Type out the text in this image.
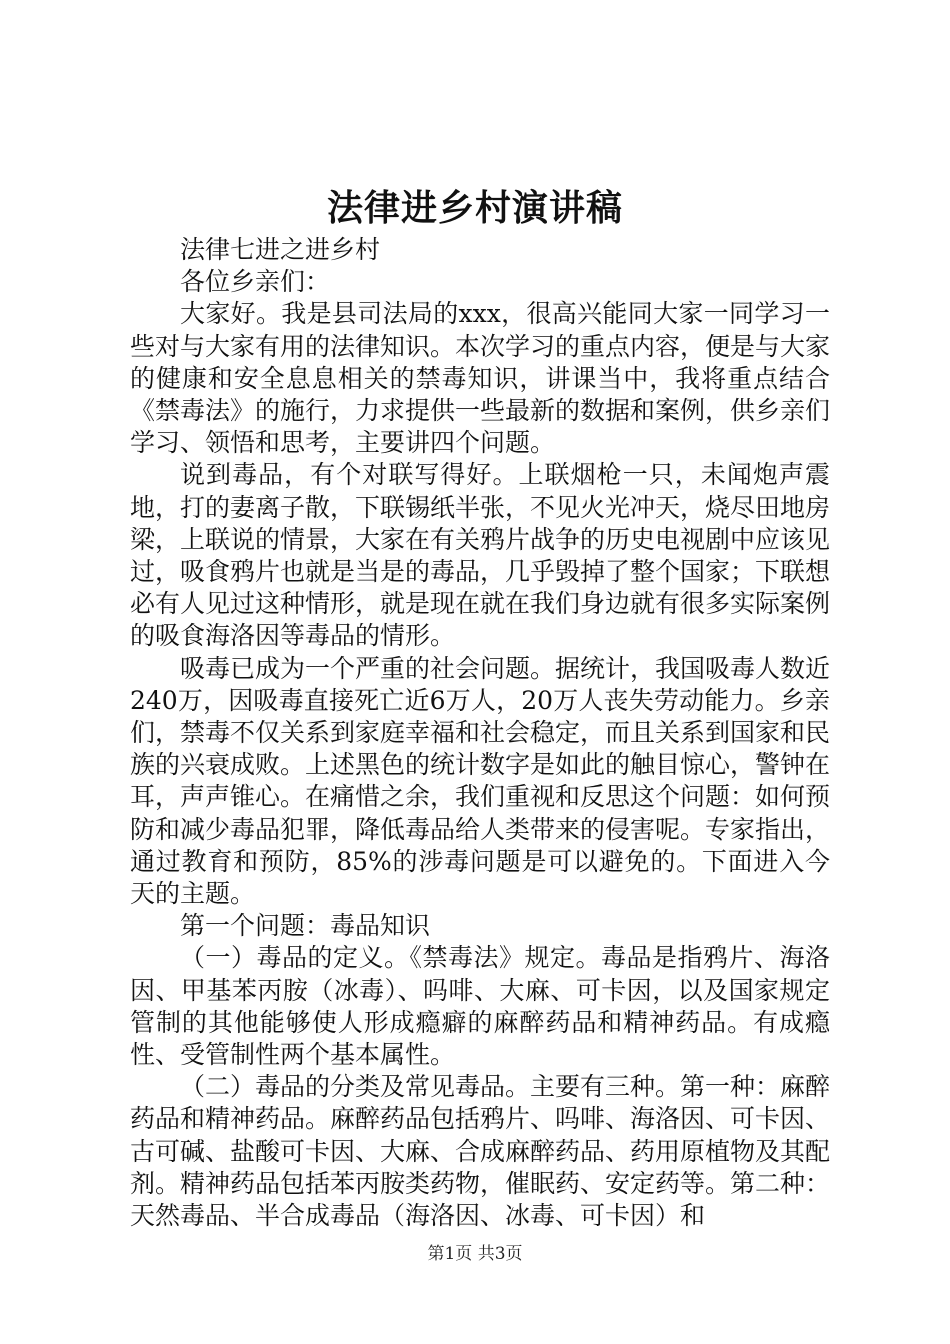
法律进乡村演讲稿

法律七进之进乡村

各位乡亲们：

大家好。我是县司法局的xxx，很高兴能同大家一同学习一些对与大家有用的法律知识。本次学习的重点内容，便是与大家的健康和安全息息相关的禁毒知识，讲课当中，我将重点结合《禁毒法》的施行，力求提供一些最新的数据和案例，供乡亲们学习、领悟和思考，主要讲四个问题。

说到毒品，有个对联写得好。上联烟枪一只，未闻炮声震地，打的妻离子散，下联锡纸半张，不见火光冲天，烧尽田地房梁，上联说的情景，大家在有关鸦片战争的历史电视剧中应该见过，吸食鸦片也就是当是的毒品，几乎毁掉了整个国家；下联想必有人见过这种情形，就是现在就在我们身边就有很多实际案例的吸食海洛因等毒品的情形。

吸毒已成为一个严重的社会问题。据统计，我国吸毒人数近240万，因吸毒直接死亡近6万人，20万人丧失劳动能力。乡亲们，禁毒不仅关系到家庭幸福和社会稳定，而且关系到国家和民族的兴衰成败。上述黑色的统计数字是如此的触目惊心，警钟在耳，声声锥心。在痛惜之余，我们重视和反思这个问题：如何预防和减少毒品犯罪，降低毒品给人类带来的侵害呢。专家指出，通过教育和预防，85%的涉毒问题是可以避免的。下面进入今天的主题。

第一个问题：毒品知识

（一）毒品的定义。《禁毒法》规定。毒品是指鸦片、海洛因、甲基苯丙胺（冰毒）、吗啡、大麻、可卡因，以及国家规定管制的其他能够使人形成瘾癖的麻醉药品和精神药品。有成瘾性、受管制性两个基本属性。

（二）毒品的分类及常见毒品。主要有三种。第一种：麻醉药品和精神药品。麻醉药品包括鸦片、吗啡、海洛因、可卡因、古可碱、盐酸可卡因、大麻、合成麻醉药品、药用原植物及其配剂。精神药品包括苯丙胺类药物，催眠药、安定药等。第二种：天然毒品、半合成毒品（海洛因、冰毒、可卡因）和

第1页 共3页
